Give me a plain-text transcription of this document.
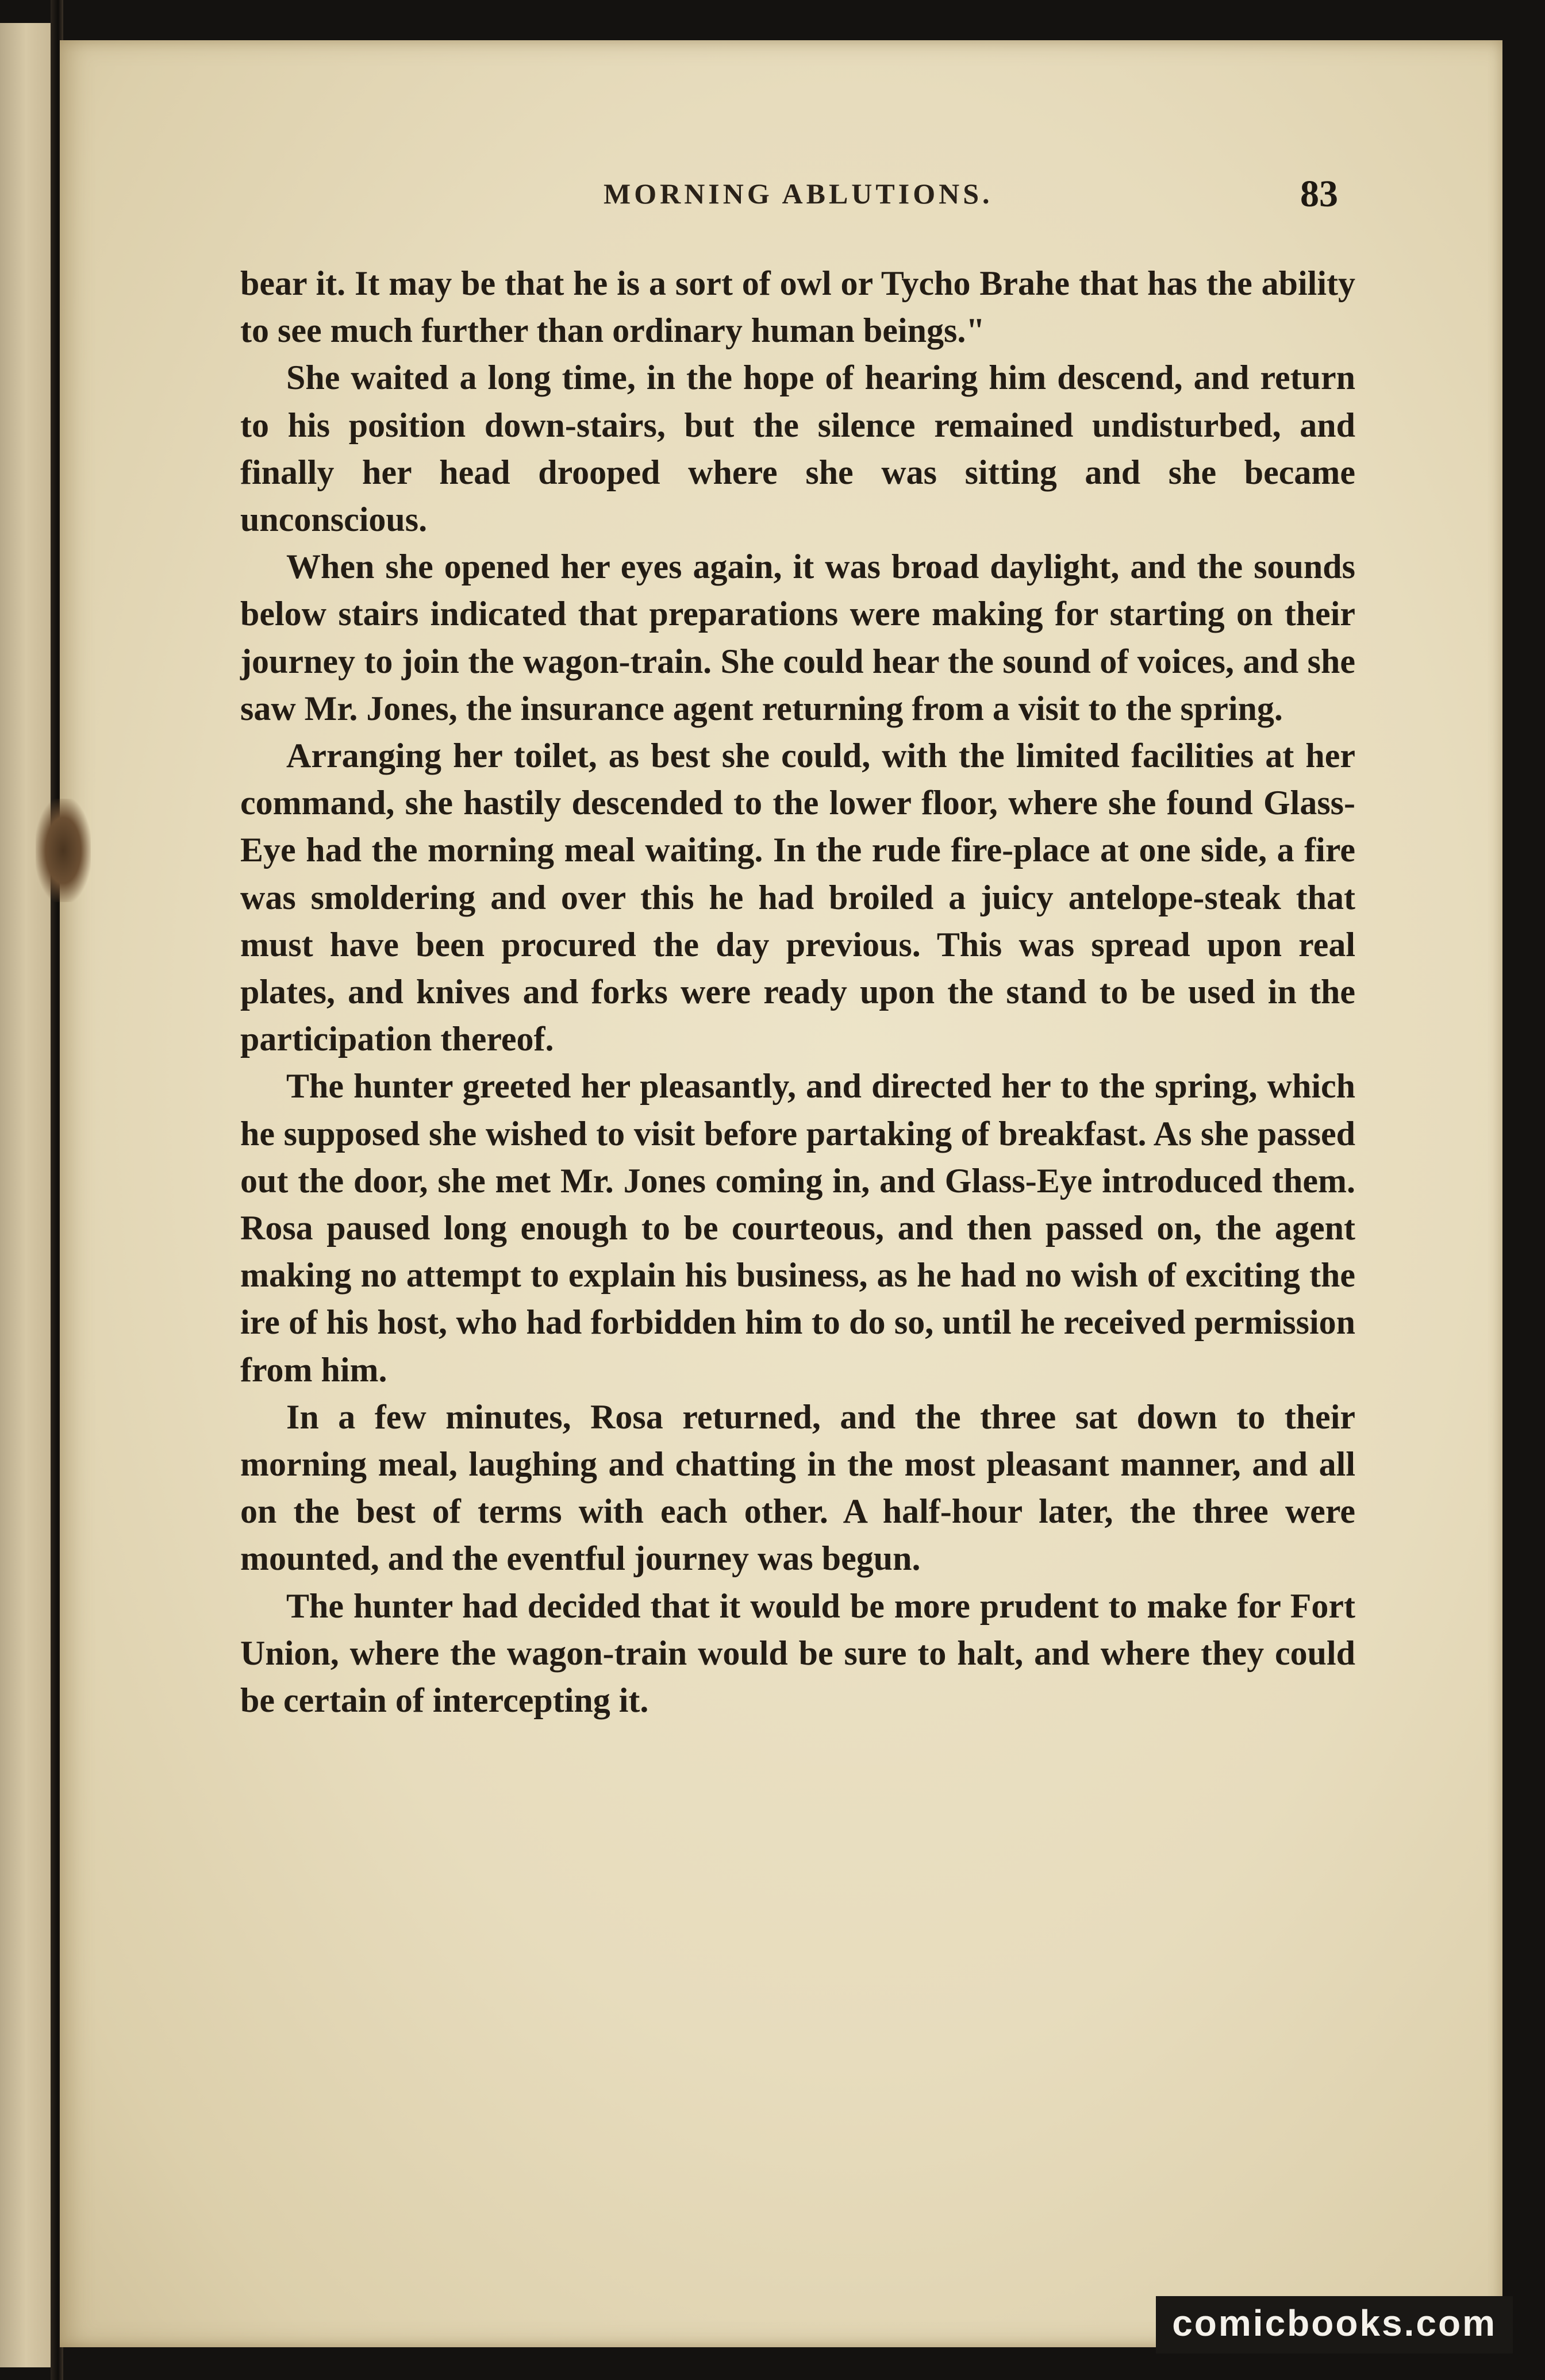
MORNING ABLUTIONS.	83

bear it. It may be that he is a sort of owl or Tycho Brahe that has the ability to see much further than ordinary human beings."

She waited a long time, in the hope of hearing him descend, and return to his position down-stairs, but the silence remained undisturbed, and finally her head drooped where she was sitting and she became unconscious.

When she opened her eyes again, it was broad daylight, and the sounds below stairs indicated that preparations were making for starting on their journey to join the wagon-train. She could hear the sound of voices, and she saw Mr. Jones, the insurance agent returning from a visit to the spring.

Arranging her toilet, as best she could, with the limited facilities at her command, she hastily descended to the lower floor, where she found Glass-Eye had the morning meal waiting. In the rude fire-place at one side, a fire was smoldering and over this he had broiled a juicy antelope-steak that must have been procured the day previous. This was spread upon real plates, and knives and forks were ready upon the stand to be used in the participation thereof.

The hunter greeted her pleasantly, and directed her to the spring, which he supposed she wished to visit before partaking of breakfast. As she passed out the door, she met Mr. Jones coming in, and Glass-Eye introduced them. Rosa paused long enough to be courteous, and then passed on, the agent making no attempt to explain his business, as he had no wish of exciting the ire of his host, who had forbidden him to do so, until he received permission from him.

In a few minutes, Rosa returned, and the three sat down to their morning meal, laughing and chatting in the most pleasant manner, and all on the best of terms with each other. A half-hour later, the three were mounted, and the eventful journey was begun.

The hunter had decided that it would be more prudent to make for Fort Union, where the wagon-train would be sure to halt, and where they could be certain of intercepting it.

comicbooks.com
